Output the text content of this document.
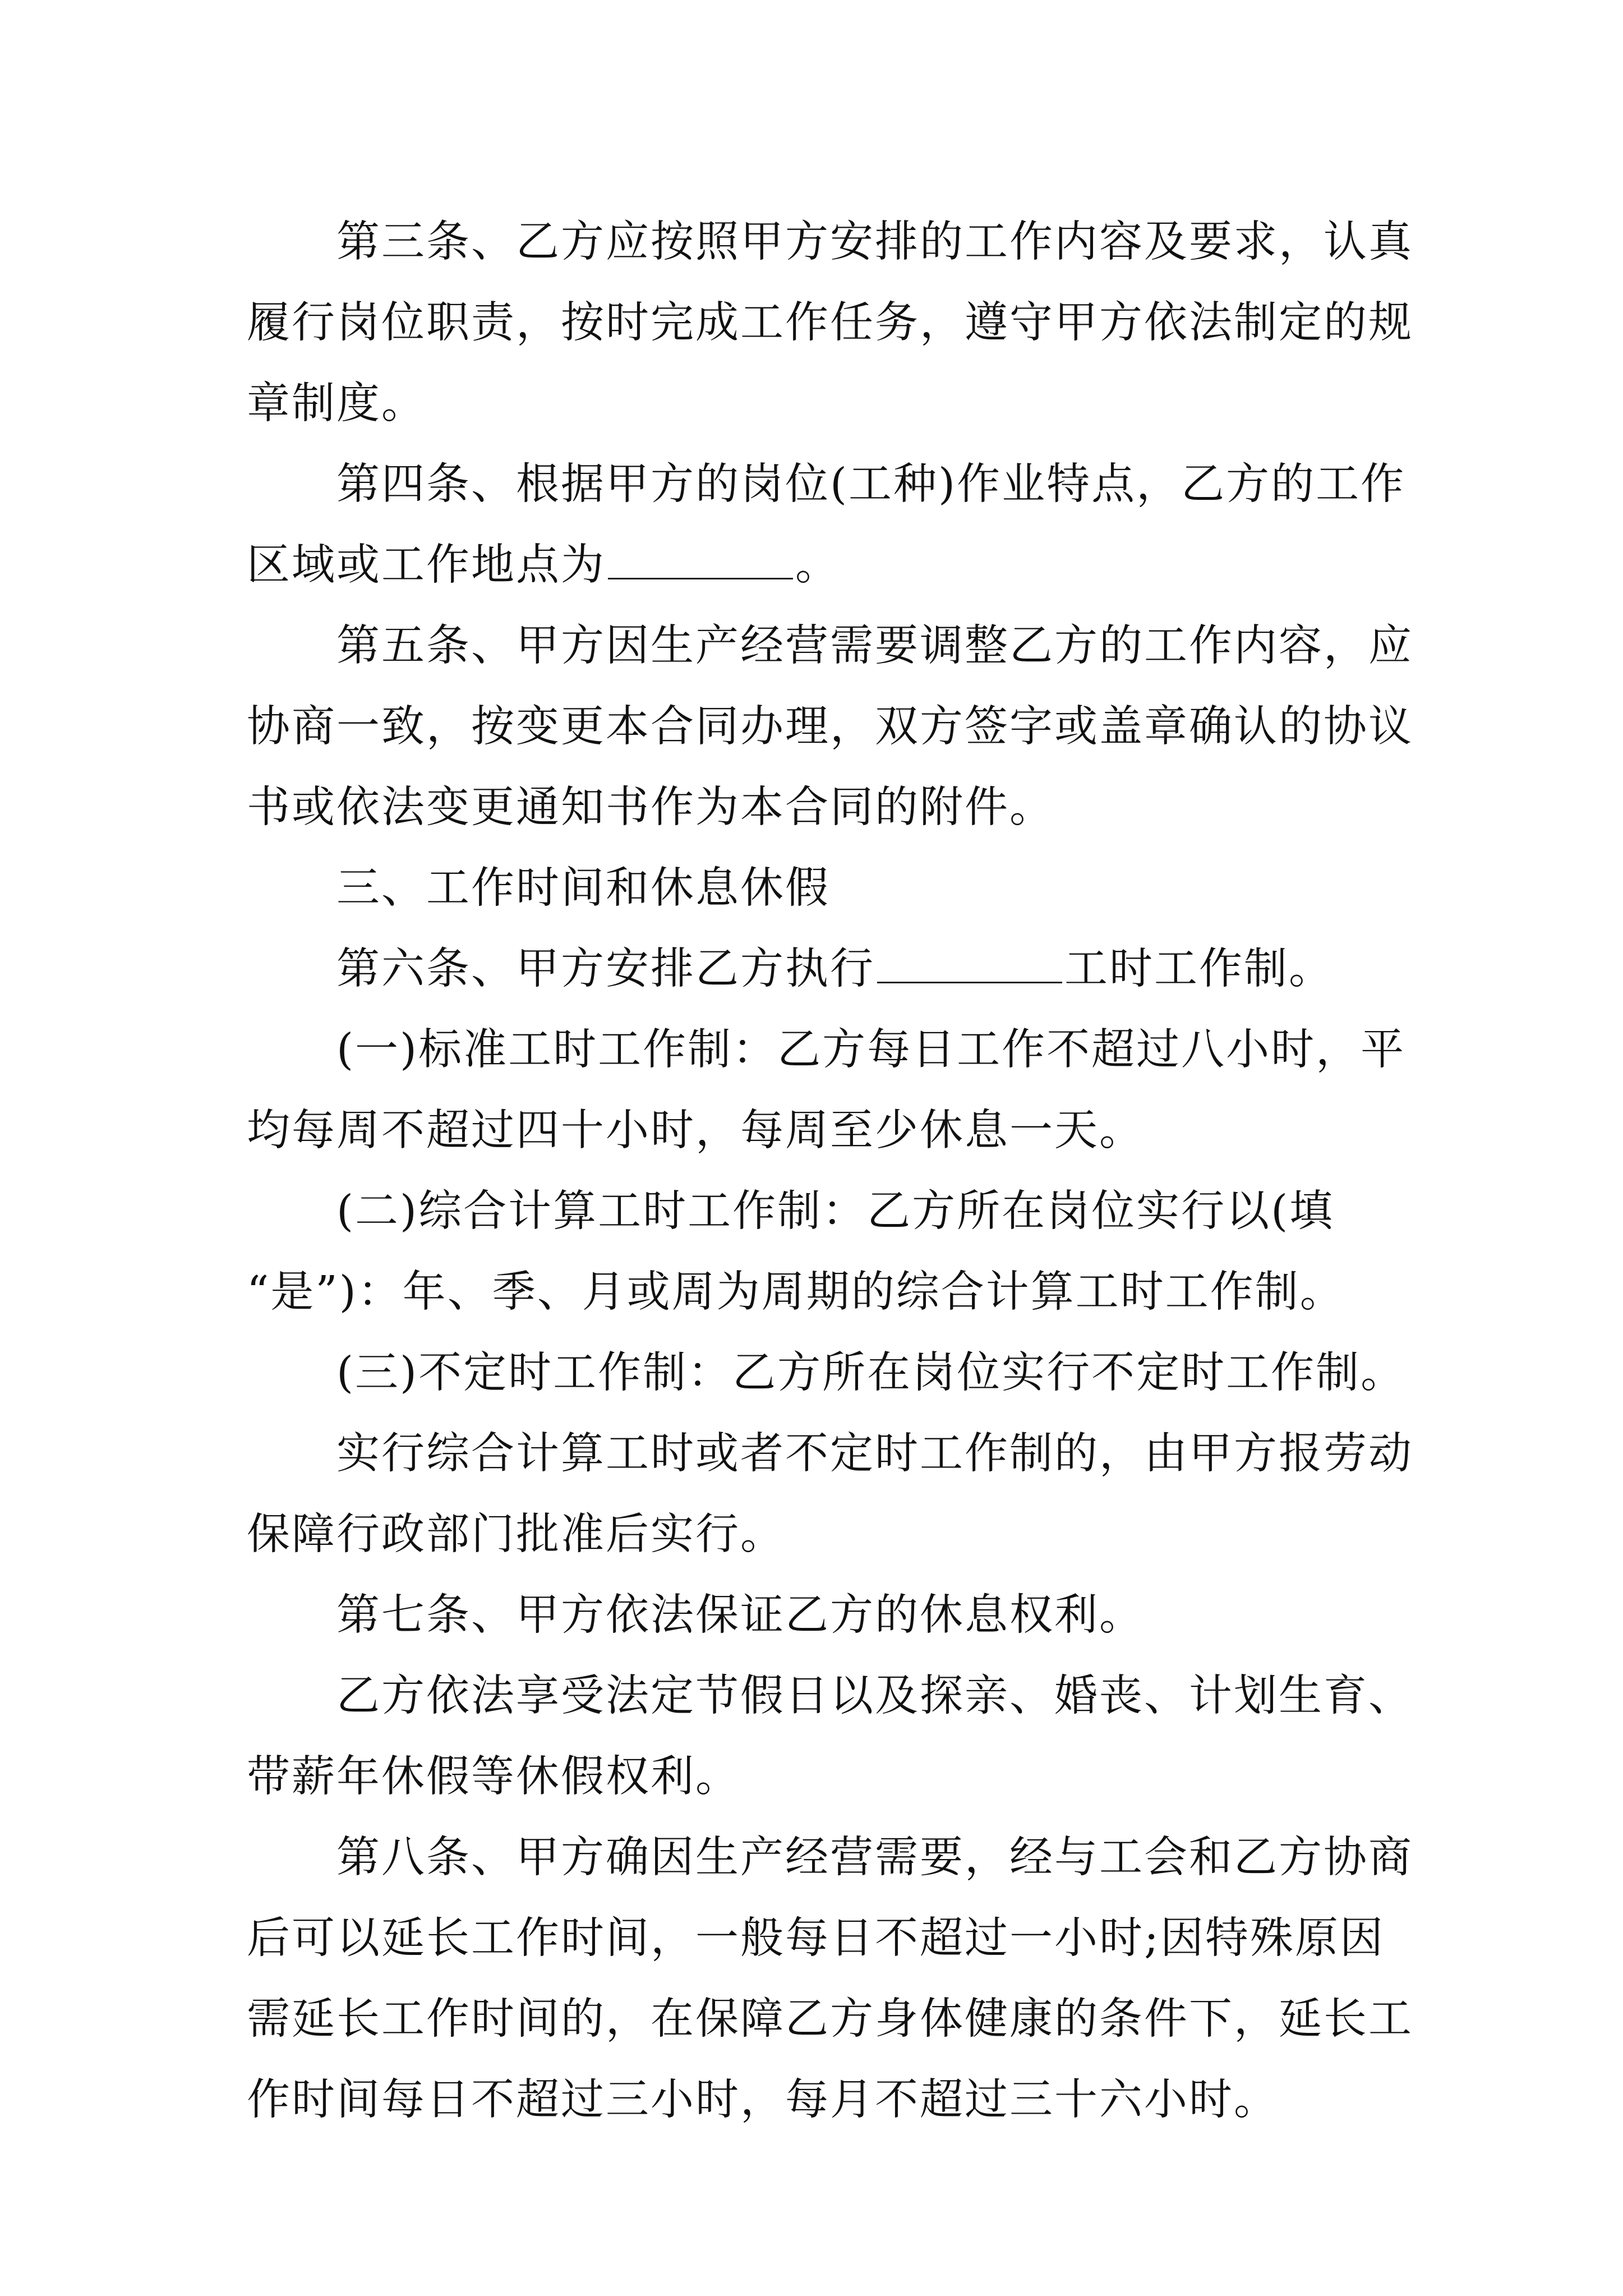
第三条、乙方应按照甲方安排的工作内容及要求，认真
履行岗位职责，按时完成工作任务，遵守甲方依法制定的规
章制度。
第四条、根据甲方的岗位(工种)作业特点，乙方的工作
区域或工作地点为	。
第五条、甲方因生产经营需要调整乙方的工作内容，应
协商一致，按变更本合同办理，双方签字或盖章确认的协议
书或依法变更通知书作为本合同的附件。
三、工作时间和休息休假
第六条、甲方安排乙方执行	工时工作制。
(一)标准工时工作制：乙方每日工作不超过八小时，平
均每周不超过四十小时，每周至少休息一天。
(二)综合计算工时工作制：乙方所在岗位实行以(填
“是”)：年、季、月或周为周期的综合计算工时工作制。
(三)不定时工作制：乙方所在岗位实行不定时工作制。
实行综合计算工时或者不定时工作制的，由甲方报劳动
保障行政部门批准后实行。
第七条、甲方依法保证乙方的休息权利。
乙方依法享受法定节假日以及探亲、婚丧、计划生育、
带薪年休假等休假权利。
第八条、甲方确因生产经营需要，经与工会和乙方协商
后可以延长工作时间，一般每日不超过一小时;因特殊原因
需延长工作时间的，在保障乙方身体健康的条件下，延长工
作时间每日不超过三小时，每月不超过三十六小时。
